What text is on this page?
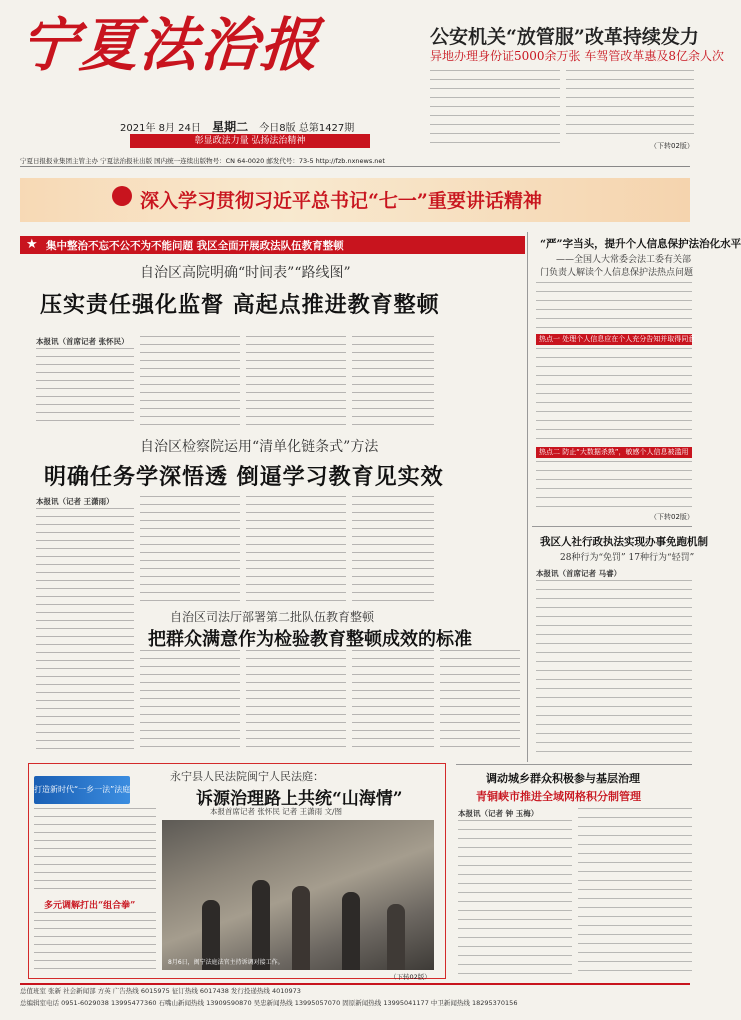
宁夏法治报
2021年 8月 24日 星期二 今日8版 总第1427期
彰显政法力量 弘扬法治精神
公安机关“放管服”改革持续发力
异地办理身份证5000余万张 车驾管改革惠及8亿余人次
（下转02版）
宁夏日报报业集团主管主办 宁夏法治报社出版 国内统一连续出版物号：CN 64-0020 邮发代号：73-5 http://fzb.nxnews.net
深入学习贯彻习近平总书记“七一”重要讲话精神
★ 集中整治不忘不公不为不能问题 我区全面开展政法队伍教育整顿
自治区高院明确“时间表”“路线图”
压实责任强化监督 高起点推进教育整顿
本报讯（首席记者 张怀民）
自治区检察院运用“清单化链条式”方法
明确任务学深悟透 倒逼学习教育见实效
本报讯（记者 王潇雨）
自治区司法厅部署第二批队伍教育整顿
把群众满意作为检验教育整顿成效的标准
“严”字当头，提升个人信息保护法治化水平
——全国人大常委会法工委有关部
门负责人解读个人信息保护法热点问题
热点一 处理个人信息应在个人充分告知并取得同意
热点二 防止“大数据杀熟”，敏感个人信息被滥用
（下转02版）
我区人社行政执法实现办事免跑机制
28种行为“免罚” 17种行为“轻罚”
本报讯（首席记者 马睿）
打造新时代“一乡一法”法庭
永宁县人民法院闽宁人民法庭：
诉源治理路上共统“山海情”
本报首席记者 张怀民 记者 王潇雨 文/图
多元调解打出“组合拳”
8月6日，闽宁法庭法官主持诉调对接工作。
（下转02版）
调动城乡群众积极参与基层治理
青铜峡市推进全域网格积分制管理
本报讯（记者 钟 玉梅）
总值班室 张新 社会新闻部 方英 广告热线 6015975 征订热线 6017438 发行投递热线 4010973
总编辑室电话 0951-6029038 13995477360 石嘴山新闻热线 13909590870 吴忠新闻热线 13995057070 固原新闻热线 13995041177 中卫新闻热线 18295370156
